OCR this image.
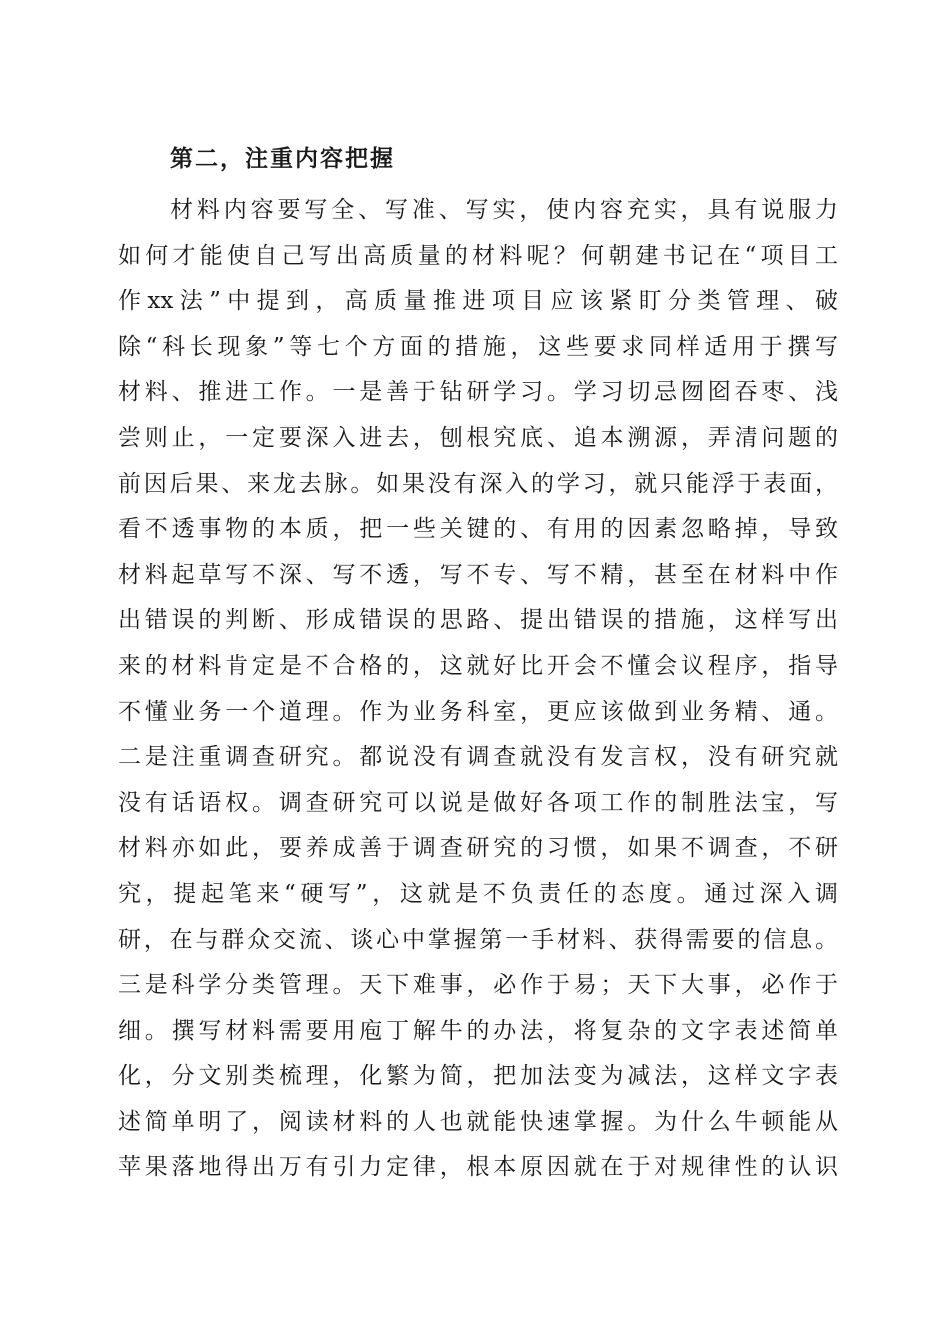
第二，注重内容把握
材料内容要写全、写准、写实，使内容充实，具有说服力
如何才能使自己写出高质量的材料呢？何朝建书记在“项目工
作xx法”中提到，高质量推进项目应该紧盯分类管理、破
除“科长现象”等七个方面的措施，这些要求同样适用于撰写
材料、推进工作。一是善于钻研学习。学习切忌囫囵吞枣、浅
尝则止，一定要深入进去，刨根究底、追本溯源，弄清问题的
前因后果、来龙去脉。如果没有深入的学习，就只能浮于表面，
看不透事物的本质，把一些关键的、有用的因素忽略掉，导致
材料起草写不深、写不透，写不专、写不精，甚至在材料中作
出错误的判断、形成错误的思路、提出错误的措施，这样写出
来的材料肯定是不合格的，这就好比开会不懂会议程序，指导
不懂业务一个道理。作为业务科室，更应该做到业务精、通。
二是注重调查研究。都说没有调查就没有发言权，没有研究就
没有话语权。调查研究可以说是做好各项工作的制胜法宝，写
材料亦如此，要养成善于调查研究的习惯，如果不调查，不研
究，提起笔来“硬写”，这就是不负责任的态度。通过深入调
研，在与群众交流、谈心中掌握第一手材料、获得需要的信息。
三是科学分类管理。天下难事，必作于易；天下大事，必作于
细。撰写材料需要用庖丁解牛的办法，将复杂的文字表述简单
化，分文别类梳理，化繁为简，把加法变为减法，这样文字表
述简单明了，阅读材料的人也就能快速掌握。为什么牛顿能从
苹果落地得出万有引力定律，根本原因就在于对规律性的认识
